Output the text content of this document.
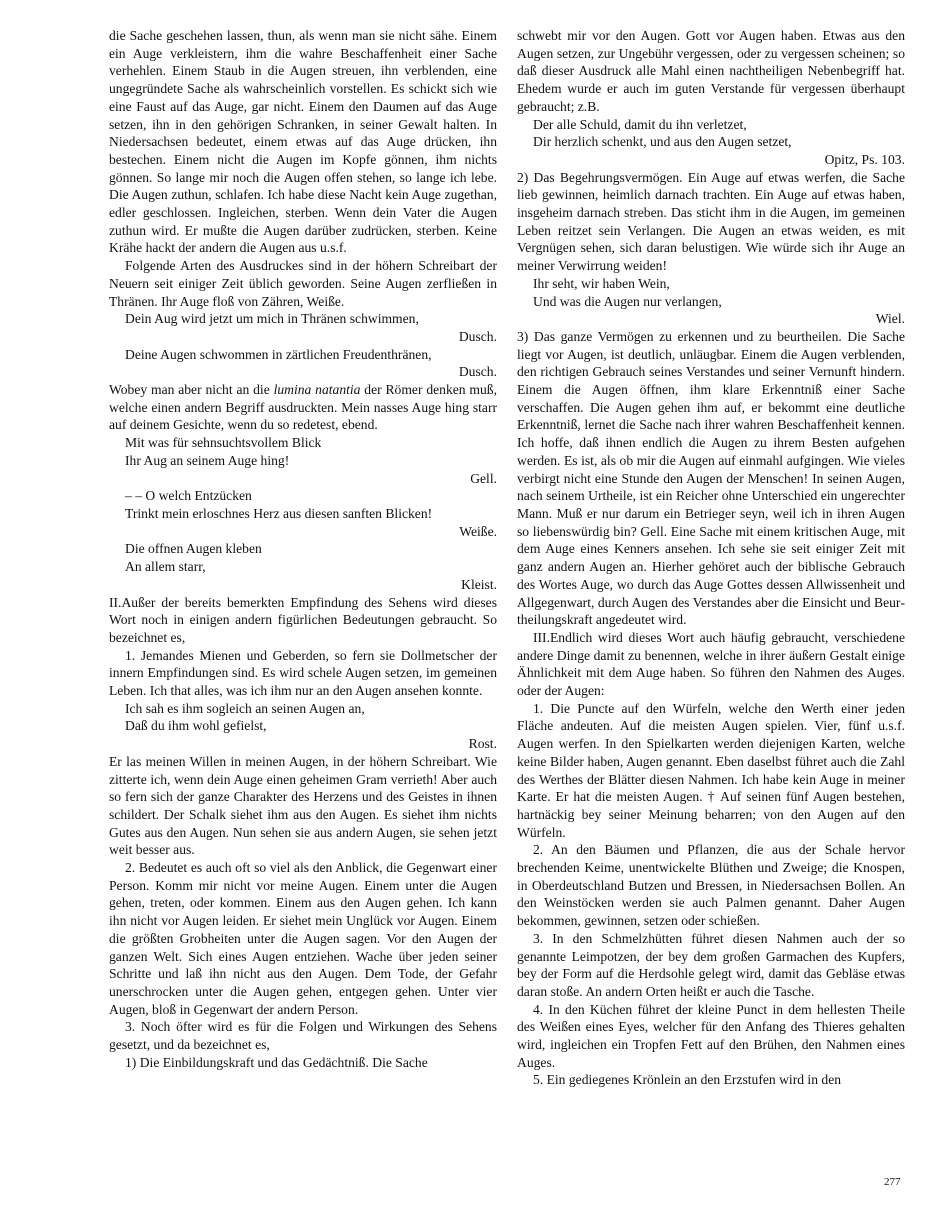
die Sache geschehen lassen, thun, als wenn man sie nicht sähe. Einem ein Auge verkleistern, ihm die wahre Beschaffenheit einer Sache verhehlen. Einem Staub in die Augen streuen, ihn verblenden, eine ungegründete Sache als wahrscheinlich vorstellen. Es schickt sich wie eine Faust auf das Auge, gar nicht. Einem den Daumen auf das Auge setzen, ihn in den gehörigen Schranken, in seiner Gewalt halten. In Niedersachsen bedeutet, einem etwas auf das Auge drücken, ihn bestechen. Einem nicht die Augen im Kopfe gönnen, ihm nichts gönnen. So lange mir noch die Augen offen stehen, so lange ich lebe. Die Augen zuthun, schlafen. Ich habe diese Nacht kein Auge zugethan, edler geschlossen. Ingleichen, sterben. Wenn dein Vater die Augen zuthun wird. Er mußte die Augen darüber zudrücken, sterben. Keine Krähe hackt der andern die Augen aus u.s.f.

Folgende Arten des Ausdruckes sind in der höhern Schreibart der Neuern seit einiger Zeit üblich geworden. Seine Augen zerfließen in Thränen. Ihr Auge floß von Zähren, Weiße.

Dein Aug wird jetzt um mich in Thränen schwimmen,

Dusch.

Deine Augen schwommen in zärtlichen Freudenthränen,

Dusch.

Wobey man aber nicht an die lumina natantia der Römer denken muß, welche einen andern Begriff ausdruckten. Mein nasses Auge hing starr auf deinem Gesichte, wenn du so redetest, ebend.

Mit was für sehnsuchtsvollem Blick

Ihr Aug an seinem Auge hing!

Gell.

– – O welch Entzücken

Trinkt mein erloschnes Herz aus diesen sanften Blicken!

Weiße.

Die offnen Augen kleben

An allem starr,

Kleist.

II.Außer der bereits bemerkten Empfindung des Sehens wird dieses Wort noch in einigen andern figürlichen Bedeutungen gebraucht. So bezeichnet es,

1. Jemandes Mienen und Geberden, so fern sie Dollmetscher der innern Empfindungen sind. Es wird schele Augen setzen, im gemeinen Leben. Ich that alles, was ich ihm nur an den Augen ansehen konnte.

Ich sah es ihm sogleich an seinen Augen an,

Daß du ihm wohl gefielst,

Rost.

Er las meinen Willen in meinen Augen, in der höhern Schreibart. Wie zitterte ich, wenn dein Auge einen geheimen Gram verrieth! Aber auch so fern sich der ganze Charakter des Herzens und des Geistes in ihnen schildert. Der Schalk siehet ihm aus den Augen. Es siehet ihm nichts Gutes aus den Augen. Nun sehen sie aus andern Augen, sie sehen jetzt weit besser aus.

2. Bedeutet es auch oft so viel als den Anblick, die Gegenwart einer Person. Komm mir nicht vor meine Augen. Einem unter die Augen gehen, treten, oder kommen. Einem aus den Augen gehen. Ich kann ihn nicht vor Augen leiden. Er siehet mein Unglück vor Augen. Einem die größten Grobheiten unter die Augen sagen. Vor den Augen der ganzen Welt. Sich eines Augen entziehen. Wache über jeden seiner Schritte und laß ihn nicht aus den Augen. Dem Tode, der Gefahr unerschrocken unter die Augen gehen, entgegen gehen. Unter vier Augen, bloß in Gegenwart der andern Person.

3. Noch öfter wird es für die Folgen und Wirkungen des Sehens gesetzt, und da bezeichnet es,

1) Die Einbildungskraft und das Gedächtniß. Die Sache

schwebt mir vor den Augen. Gott vor Augen haben. Etwas aus den Augen setzen, zur Ungebühr vergessen, oder zu vergessen scheinen; so daß dieser Ausdruck alle Mahl einen nachtheiligen Nebenbegriff hat. Ehedem wurde er auch im guten Verstande für vergessen überhaupt gebraucht; z.B.

Der alle Schuld, damit du ihn verletzet,

Dir herzlich schenkt, und aus den Augen setzet,

Opitz, Ps. 103.

2) Das Begehrungsvermögen. Ein Auge auf etwas werfen, die Sache lieb gewinnen, heimlich darnach trachten. Ein Auge auf etwas haben, insgeheim darnach streben. Das sticht ihm in die Augen, im gemeinen Leben reitzet sein Verlangen. Die Augen an etwas weiden, es mit Vergnügen sehen, sich daran belustigen. Wie würde sich ihr Auge an meiner Verwirrung weiden!

Ihr seht, wir haben Wein,

Und was die Augen nur verlangen,

Wiel.

3) Das ganze Vermögen zu erkennen und zu beurtheilen. Die Sache liegt vor Augen, ist deutlich, unläugbar. Einem die Augen verblenden, den richtigen Gebrauch seines Verstandes und seiner Vernunft hindern. Einem die Augen öffnen, ihm klare Erkenntniß einer Sache verschaffen. Die Augen gehen ihm auf, er bekommt eine deutliche Erkenntniß, lernet die Sache nach ihrer wahren Beschaffenheit kennen. Ich hoffe, daß ihnen endlich die Augen zu ihrem Besten aufgehen werden. Es ist, als ob mir die Augen auf einmahl aufgingen. Wie vieles verbirgt nicht eine Stunde den Augen der Menschen! In seinen Augen, nach seinem Urtheile, ist ein Reicher ohne Unterschied ein ungerechter Mann. Muß er nur darum ein Betrieger seyn, weil ich in ihren Augen so liebenswürdig bin? Gell. Eine Sache mit einem kritischen Auge, mit dem Auge eines Kenners ansehen. Ich sehe sie seit einiger Zeit mit ganz andern Augen an. Hierher gehöret auch der biblische Gebrauch des Wortes Auge, wo durch das Auge Gottes dessen Allwissenheit und Allgegenwart, durch Augen des Verstandes aber die Einsicht und Beurtheilungskraft angedeutet wird.

III.Endlich wird dieses Wort auch häufig gebraucht, verschiedene andere Dinge damit zu benennen, welche in ihrer äußern Gestalt einige Ähnlichkeit mit dem Auge haben. So führen den Nahmen des Auges. oder der Augen:

1. Die Puncte auf den Würfeln, welche den Werth einer jeden Fläche andeuten. Auf die meisten Augen spielen. Vier, fünf u.s.f. Augen werfen. In den Spielkarten werden diejenigen Karten, welche keine Bilder haben, Augen genannt. Eben daselbst führet auch die Zahl des Werthes der Blätter diesen Nahmen. Ich habe kein Auge in meiner Karte. Er hat die meisten Augen. † Auf seinen fünf Augen bestehen, hartnäckig bey seiner Meinung beharren; von den Augen auf den Würfeln.

2. An den Bäumen und Pflanzen, die aus der Schale hervor brechenden Keime, unentwickelte Blüthen und Zweige; die Knospen, in Oberdeutschland Butzen und Bressen, in Niedersachsen Bollen. An den Weinstöcken werden sie auch Palmen genannt. Daher Augen bekommen, gewinnen, setzen oder schießen.

3. In den Schmelzhütten führet diesen Nahmen auch der so genannte Leimpotzen, der bey dem großen Garmachen des Kupfers, bey der Form auf die Herdsohle gelegt wird, damit das Gebläse etwas daran stoße. An andern Orten heißt er auch die Tasche.

4. In den Küchen führet der kleine Punct in dem hellesten Theile des Weißen eines Eyes, welcher für den Anfang des Thieres gehalten wird, ingleichen ein Tropfen Fett auf den Brühen, den Nahmen eines Auges.

5. Ein gediegenes Krönlein an den Erzstufen wird in den

277
